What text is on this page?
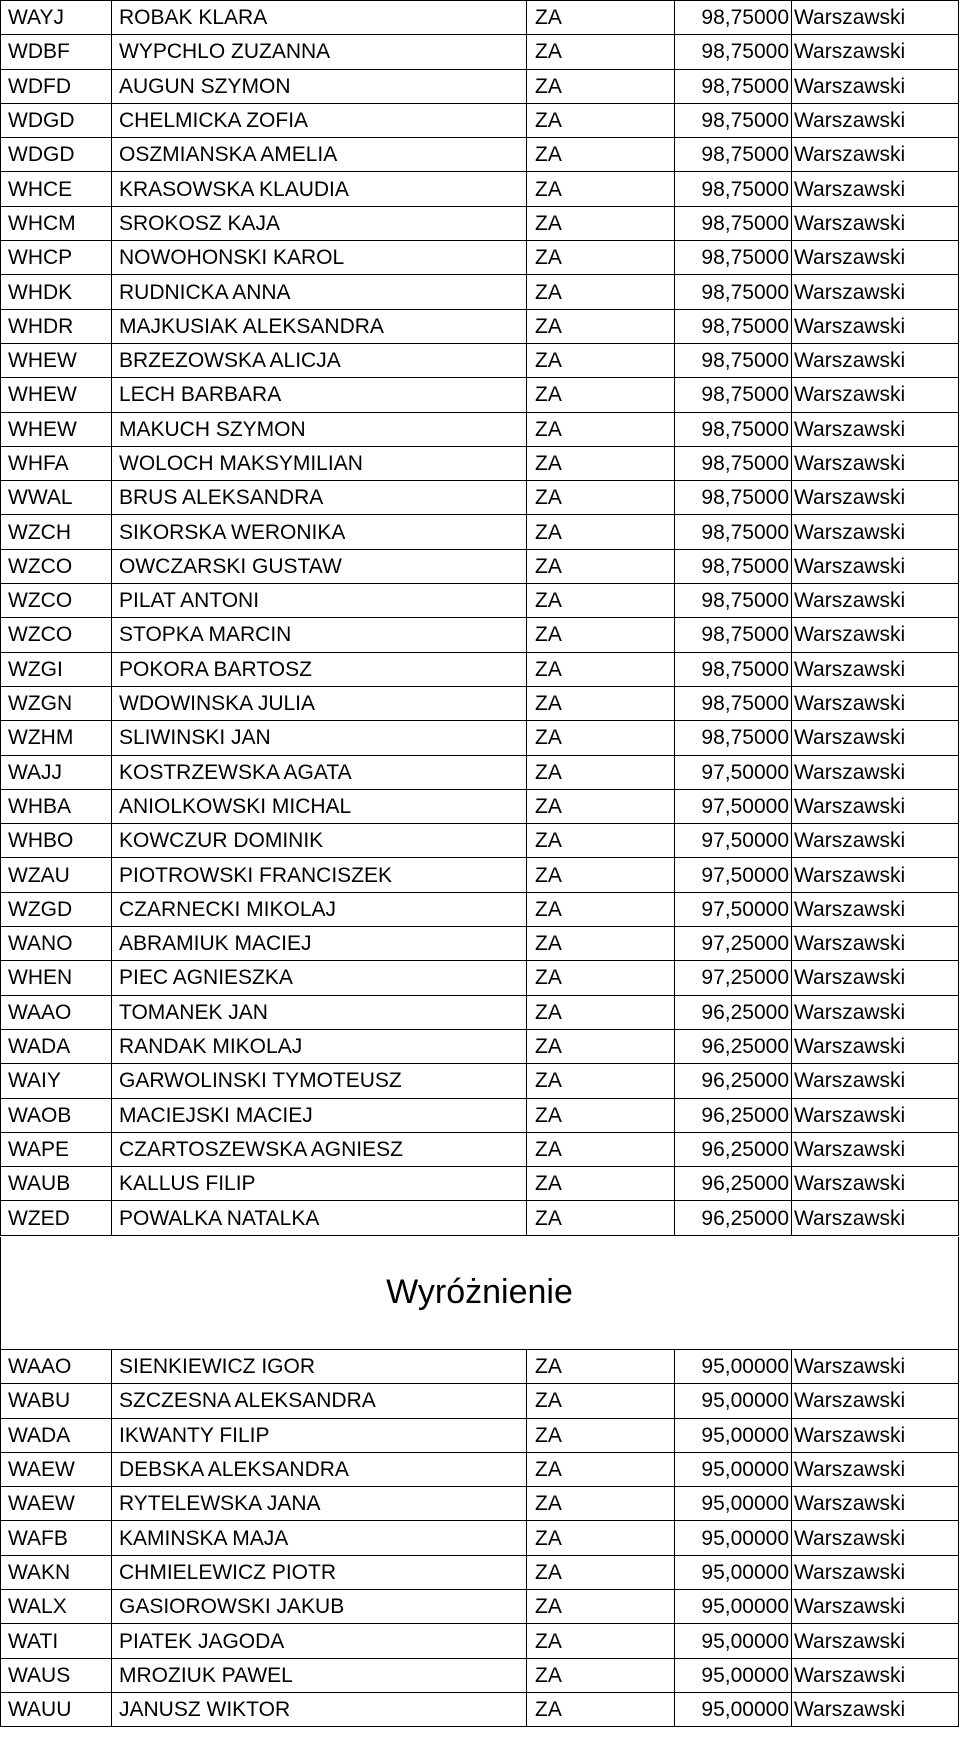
WAYJ	ROBAK KLARA	ZA	98,75000	Warszawski
WDBF	WYPCHLO ZUZANNA	ZA	98,75000	Warszawski
WDFD	AUGUN SZYMON	ZA	98,75000	Warszawski
WDGD	CHELMICKA ZOFIA	ZA	98,75000	Warszawski
WDGD	OSZMIANSKA AMELIA	ZA	98,75000	Warszawski
WHCE	KRASOWSKA KLAUDIA	ZA	98,75000	Warszawski
WHCM	SROKOSZ KAJA	ZA	98,75000	Warszawski
WHCP	NOWOHONSKI KAROL	ZA	98,75000	Warszawski
WHDK	RUDNICKA ANNA	ZA	98,75000	Warszawski
WHDR	MAJKUSIAK ALEKSANDRA	ZA	98,75000	Warszawski
WHEW	BRZEZOWSKA ALICJA	ZA	98,75000	Warszawski
WHEW	LECH BARBARA	ZA	98,75000	Warszawski
WHEW	MAKUCH SZYMON	ZA	98,75000	Warszawski
WHFA	WOLOCH MAKSYMILIAN	ZA	98,75000	Warszawski
WWAL	BRUS ALEKSANDRA	ZA	98,75000	Warszawski
WZCH	SIKORSKA WERONIKA	ZA	98,75000	Warszawski
WZCO	OWCZARSKI GUSTAW	ZA	98,75000	Warszawski
WZCO	PILAT ANTONI	ZA	98,75000	Warszawski
WZCO	STOPKA MARCIN	ZA	98,75000	Warszawski
WZGI	POKORA BARTOSZ	ZA	98,75000	Warszawski
WZGN	WDOWINSKA JULIA	ZA	98,75000	Warszawski
WZHM	SLIWINSKI JAN	ZA	98,75000	Warszawski
WAJJ	KOSTRZEWSKA AGATA	ZA	97,50000	Warszawski
WHBA	ANIOLKOWSKI MICHAL	ZA	97,50000	Warszawski
WHBO	KOWCZUR DOMINIK	ZA	97,50000	Warszawski
WZAU	PIOTROWSKI FRANCISZEK	ZA	97,50000	Warszawski
WZGD	CZARNECKI MIKOLAJ	ZA	97,50000	Warszawski
WANO	ABRAMIUK MACIEJ	ZA	97,25000	Warszawski
WHEN	PIEC AGNIESZKA	ZA	97,25000	Warszawski
WAAO	TOMANEK JAN	ZA	96,25000	Warszawski
WADA	RANDAK MIKOLAJ	ZA	96,25000	Warszawski
WAIY	GARWOLINSKI TYMOTEUSZ	ZA	96,25000	Warszawski
WAOB	MACIEJSKI MACIEJ	ZA	96,25000	Warszawski
WAPE	CZARTOSZEWSKA AGNIESZ	ZA	96,25000	Warszawski
WAUB	KALLUS FILIP	ZA	96,25000	Warszawski
WZED	POWALKA NATALKA	ZA	96,25000	Warszawski
Wyróżnienie
WAAO	SIENKIEWICZ IGOR	ZA	95,00000	Warszawski
WABU	SZCZESNA ALEKSANDRA	ZA	95,00000	Warszawski
WADA	IKWANTY FILIP	ZA	95,00000	Warszawski
WAEW	DEBSKA ALEKSANDRA	ZA	95,00000	Warszawski
WAEW	RYTELEWSKA JANA	ZA	95,00000	Warszawski
WAFB	KAMINSKA MAJA	ZA	95,00000	Warszawski
WAKN	CHMIELEWICZ PIOTR	ZA	95,00000	Warszawski
WALX	GASIOROWSKI JAKUB	ZA	95,00000	Warszawski
WATI	PIATEK JAGODA	ZA	95,00000	Warszawski
WAUS	MROZIUK PAWEL	ZA	95,00000	Warszawski
WAUU	JANUSZ WIKTOR	ZA	95,00000	Warszawski
